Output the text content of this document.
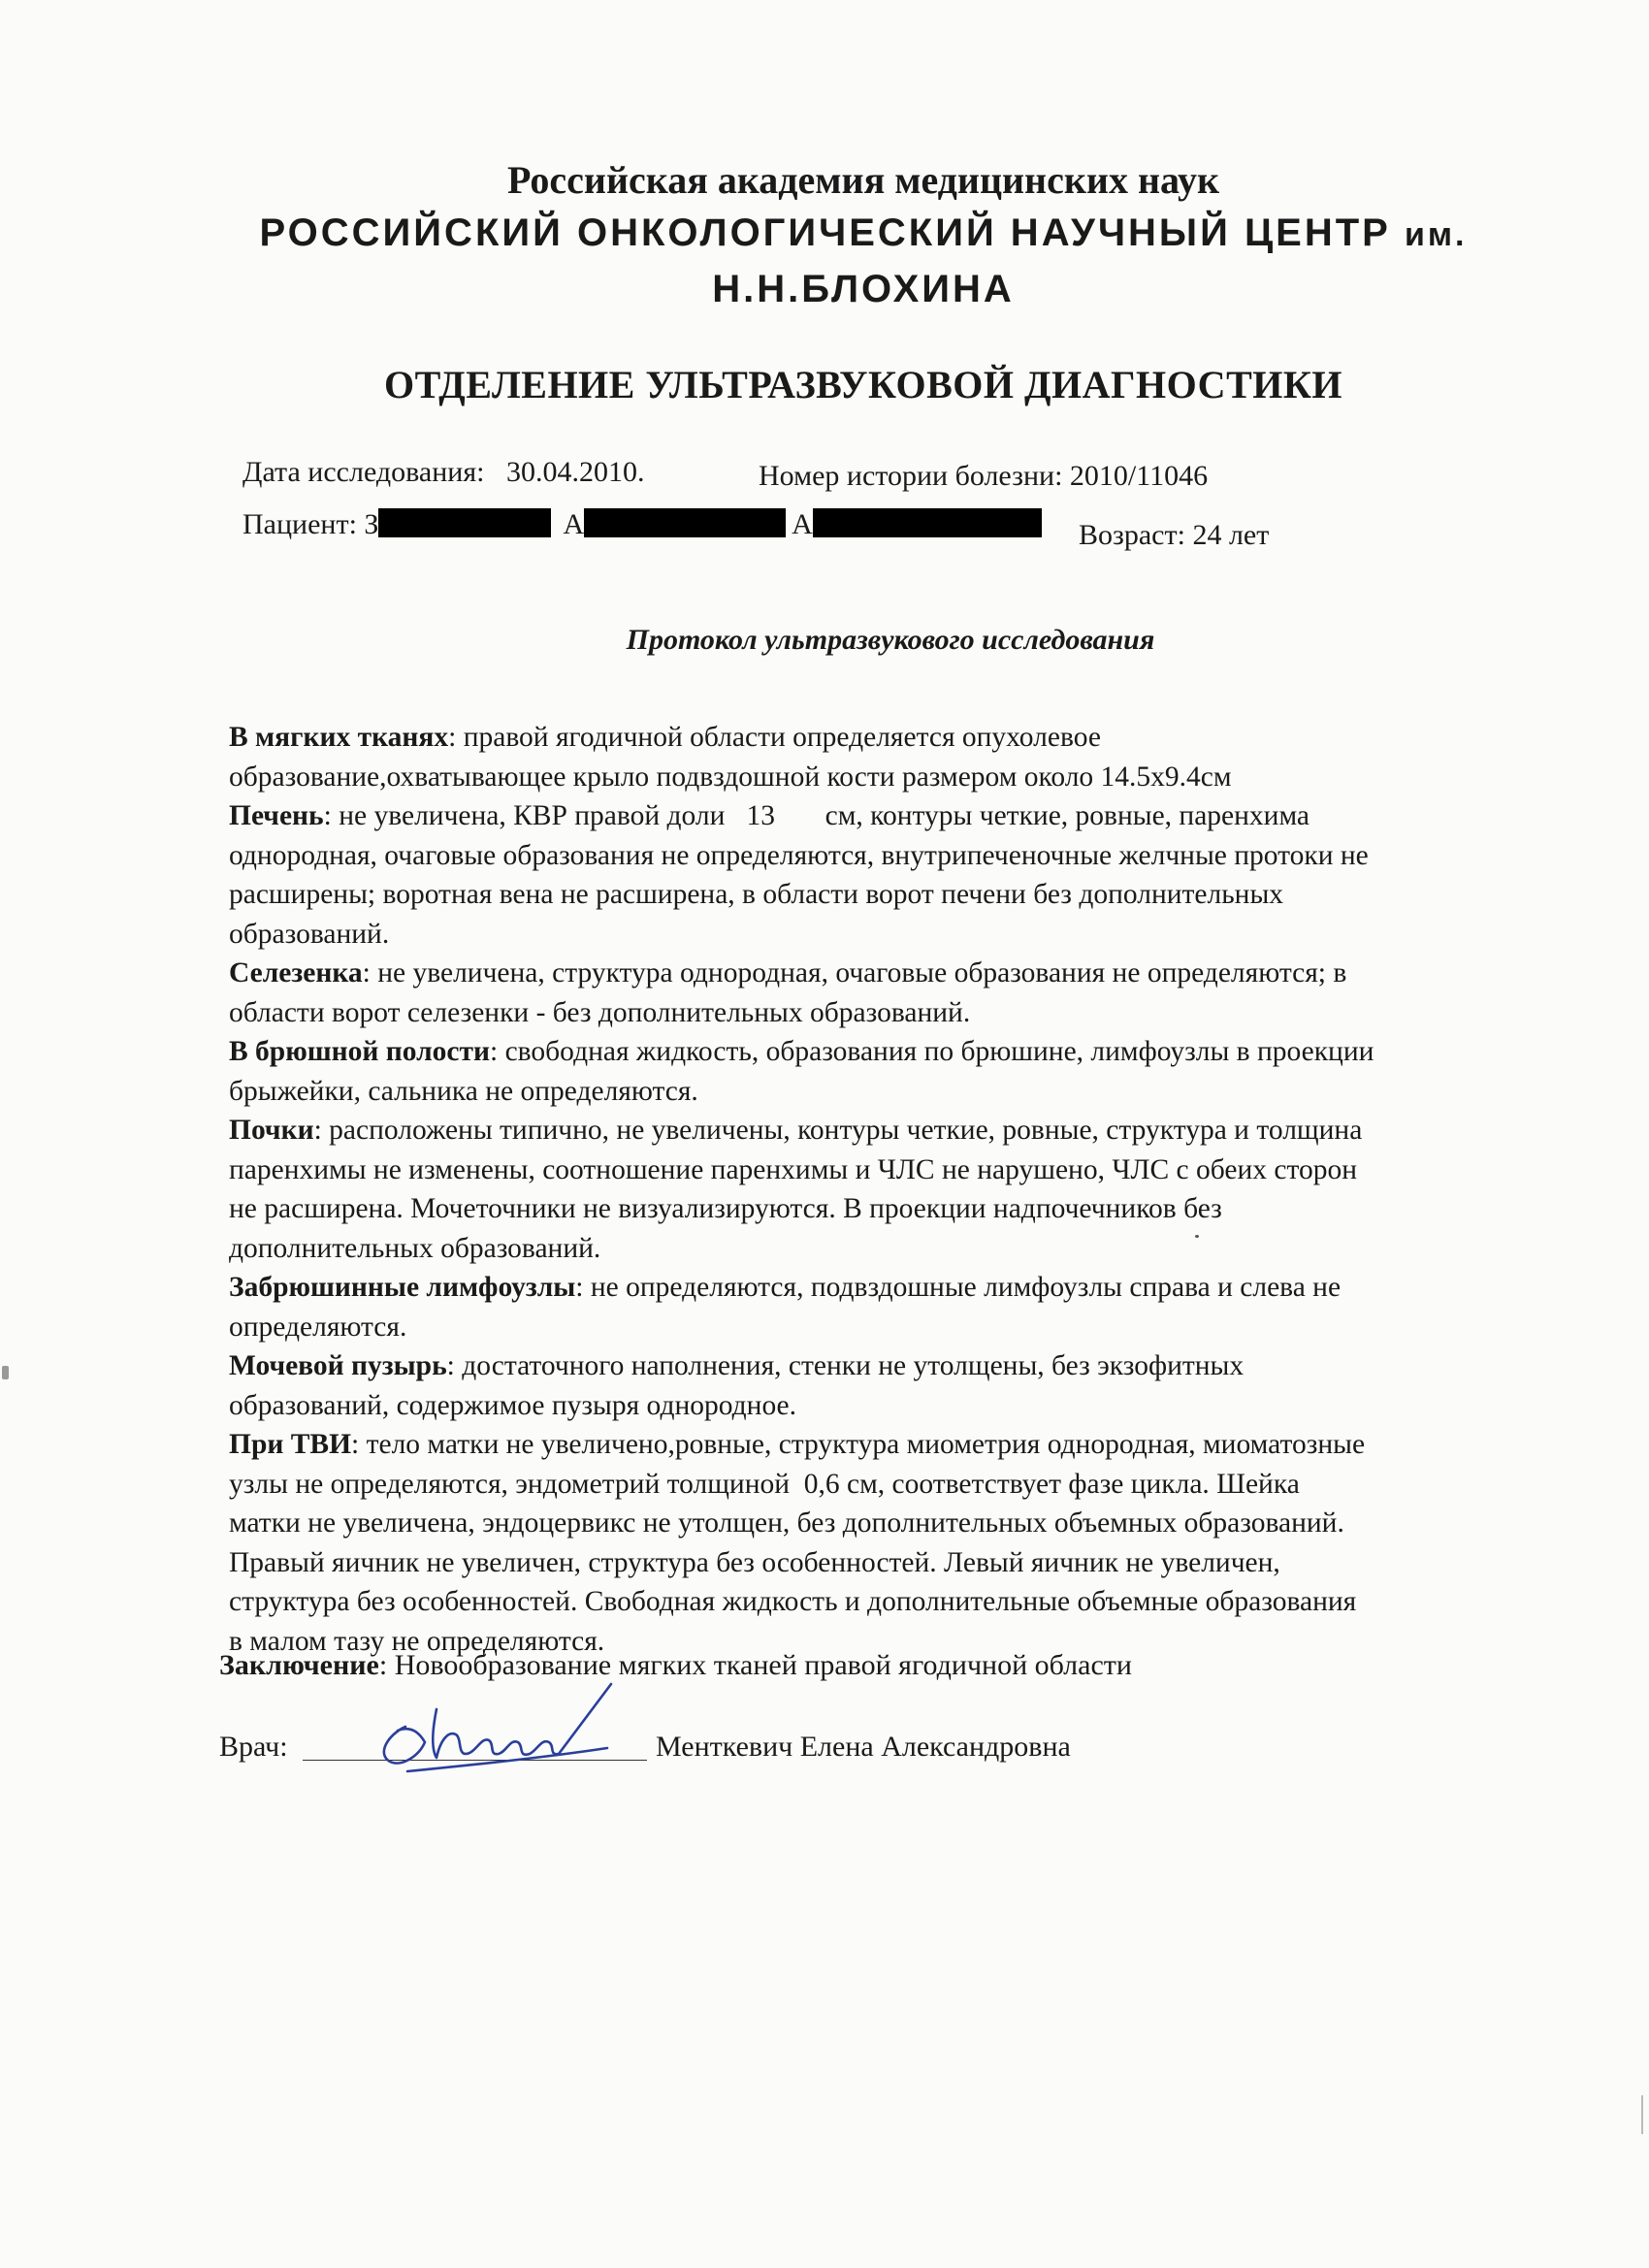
Российская академия медицинских наук
РОССИЙСКИЙ ОНКОЛОГИЧЕСКИЙ НАУЧНЫЙ ЦЕНТР им.
Н.Н.БЛОХИНА
ОТДЕЛЕНИЕ УЛЬТРАЗВУКОВОЙ ДИАГНОСТИКИ
Дата исследования: 30.04.2010.	Номер истории болезни: 2010/11046
Пациент: З	А	А	Возраст: 24 лет
Протокол ультразвукового исследования
В мягких тканях: правой ягодичной области определяется опухолевое
образование,охватывающее крыло подвздошной кости размером около 14.5х9.4см
Печень: не увеличена, КВР правой доли   13       см, контуры четкие, ровные, паренхима
однородная, очаговые образования не определяются, внутрипеченочные желчные протоки не
расширены; воротная вена не расширена, в области ворот печени без дополнительных
образований.
Селезенка: не увеличена, структура однородная, очаговые образования не определяются; в
области ворот селезенки - без дополнительных образований.
В брюшной полости: свободная жидкость, образования по брюшине, лимфоузлы в проекции
брыжейки, сальника не определяются.
Почки: расположены типично, не увеличены, контуры четкие, ровные, структура и толщина
паренхимы не изменены, соотношение паренхимы и ЧЛС не нарушено, ЧЛС с обеих сторон
не расширена. Мочеточники не визуализируются. В проекции надпочечников без
дополнительных образований.
Забрюшинные лимфоузлы: не определяются, подвздошные лимфоузлы справа и слева не
определяются.
Мочевой пузырь: достаточного наполнения, стенки не утолщены, без экзофитных
образований, содержимое пузыря однородное.
При ТВИ: тело матки не увеличено,ровные, структура миометрия однородная, миоматозные
узлы не определяются, эндометрий толщиной  0,6 см, соответствует фазе цикла. Шейка
матки не увеличена, эндоцервикс не утолщен, без дополнительных объемных образований.
Правый яичник не увеличен, структура без особенностей. Левый яичник не увеличен,
структура без особенностей. Свободная жидкость и дополнительные объемные образования
в малом тазу не определяются.
Заключение: Новообразование мягких тканей правой ягодичной области
Врач:	Менткевич Елена Александровна
